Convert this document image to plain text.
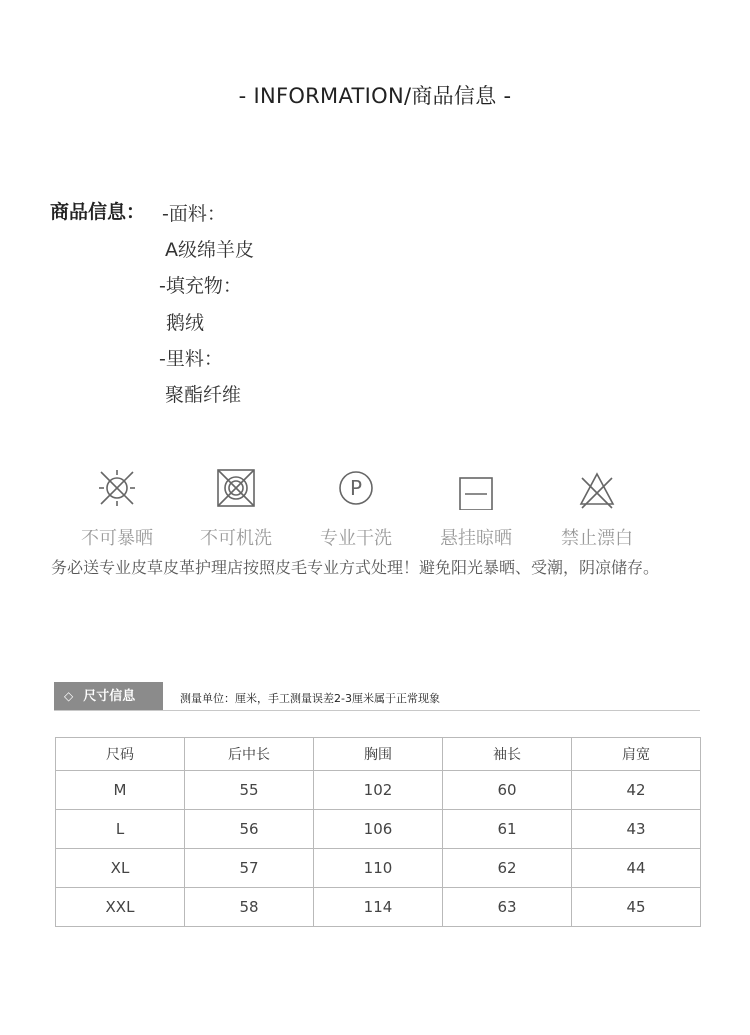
- INFORMATION/商品信息 -
商品信息： -面料：
A级绵羊皮
-填充物：
鹅绒
-里料：
聚酯纤维
不可暴晒	不可机洗
P
专业干洗	悬挂晾晒	禁止漂白
务必送专业皮草皮革护理店按照皮毛专业方式处理！避免阳光暴晒、受潮，阴凉储存。
◇ 尺寸信息	测量单位：厘米，手工测量误差2-3厘米属于正常现象
尺码	后中长	胸围	袖长	肩宽
M	55	102	60	42
L	56	106	61	43
XL	57	110	62	44
XXL	58	114	63	45
